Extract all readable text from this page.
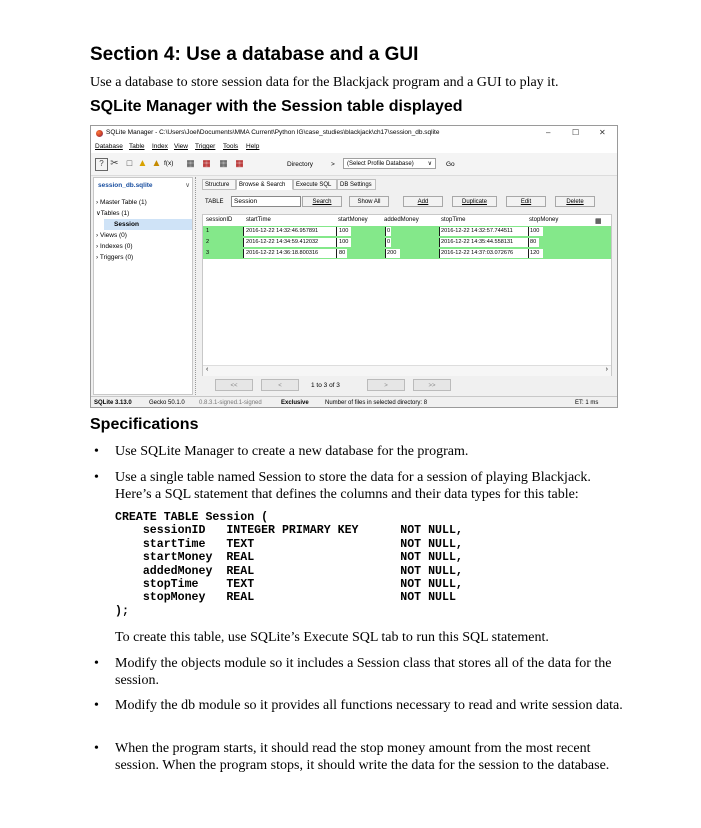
Section 4: Use a database and a GUI

Use a database to store session data for the Blackjack program and a GUI to play it.

SQLite Manager with the Session table displayed
SQLite Manager - C:\Users\Joel\Documents\MMA Current\Python IG\case_studies\blackjack\ch17\session_db.sqlite	–	☐ ✕
Database Table Index View Trigger Tools Help
? ✂ □ ▲ ▲ f(x) ▦ ▦ ▦ ▦	Directory	>	(Select Profile Database) ∨ Go
session_db.sqlite	∨
› Master Table (1)
∨Tables (1)
Session
› Views (0)
› Indexes (0)
› Triggers (0)
Structure	Browse & Search	Execute SQL	DB Settings
TABLE	Session	Search	Show All	Add	Duplicate	Edit	Delete
sessionID startTime	startMoney	addedMoney	stopTime	stopMoney	▦
1	2016-12-22 14:32:46.957891	100	0	2016-12-22 14:32:57.744511	100
2	2016-12-22 14:34:59.412032	100	0	2016-12-22 14:35:44.558131	80
3	2016-12-22 14:36:18.800316	80	200	2016-12-22 14:37:03.072676	120
‹	›
<<	<	1 to 3 of 3	>	>>
SQLite 3.13.0	Gecko 50.1.0 0.8.3.1-signed.1-signed	Exclusive	Number of files in selected directory: 8	ET: 1 ms
Specifications
• Use SQLite Manager to create a new database for the program.

• Use a single table named Session to store the data for a session of playing Blackjack. Here’s a SQL statement that defines the columns and their data types for this table:

CREATE TABLE Session (
sessionID   INTEGER PRIMARY KEY      NOT NULL,
startTime   TEXT                     NOT NULL,
startMoney  REAL                     NOT NULL,
addedMoney  REAL                     NOT NULL,
stopTime    TEXT                     NOT NULL,
stopMoney   REAL                     NOT NULL
);

To create this table, use SQLite’s Execute SQL tab to run this SQL statement.

• Modify the objects module so it includes a Session class that stores all of the data for the session.

• Modify the db module so it provides all functions necessary to read and write session data.

• When the program starts, it should read the stop money amount from the most recent session. When the program stops, it should write the data for the session to the database.
